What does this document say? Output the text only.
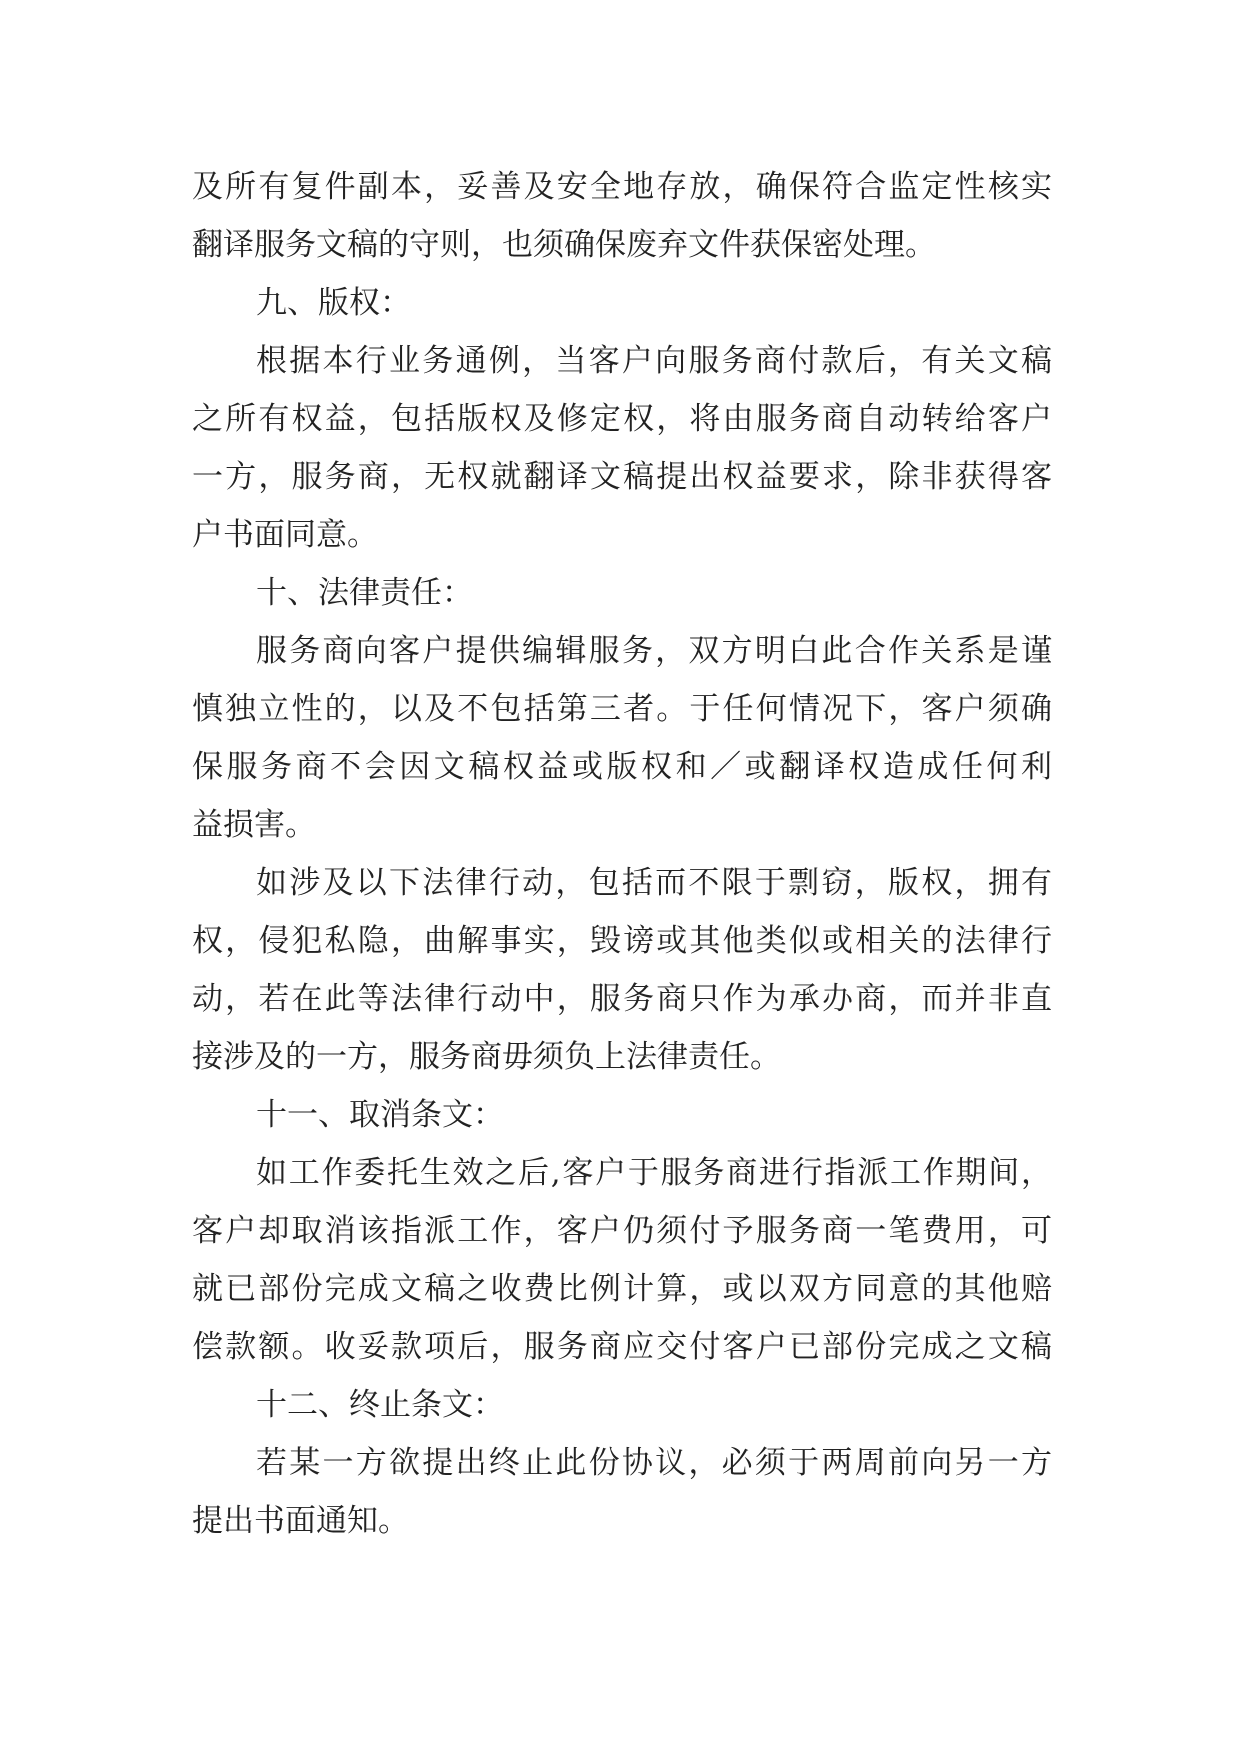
及所有复件副本，妥善及安全地存放，确保符合监定性核实
翻译服务文稿的守则，也须确保废弃文件获保密处理。
九、版权：
根据本行业务通例，当客户向服务商付款后，有关文稿
之所有权益，包括版权及修定权，将由服务商自动转给客户
一方，服务商，无权就翻译文稿提出权益要求，除非获得客
户书面同意。
十、法律责任：
服务商向客户提供编辑服务，双方明白此合作关系是谨
慎独立性的，以及不包括第三者。于任何情况下，客户须确
保服务商不会因文稿权益或版权和／或翻译权造成任何利
益损害。
如涉及以下法律行动，包括而不限于剽窃，版权，拥有
权，侵犯私隐，曲解事实，毁谤或其他类似或相关的法律行
动，若在此等法律行动中，服务商只作为承办商，而并非直
接涉及的一方，服务商毋须负上法律责任。
十一、取消条文：
如工作委托生效之后,客户于服务商进行指派工作期间，
客户却取消该指派工作，客户仍须付予服务商一笔费用，可
就已部份完成文稿之收费比例计算，或以双方同意的其他赔
偿款额。收妥款项后，服务商应交付客户已部份完成之文稿
十二、终止条文：
若某一方欲提出终止此份协议，必须于两周前向另一方
提出书面通知。
